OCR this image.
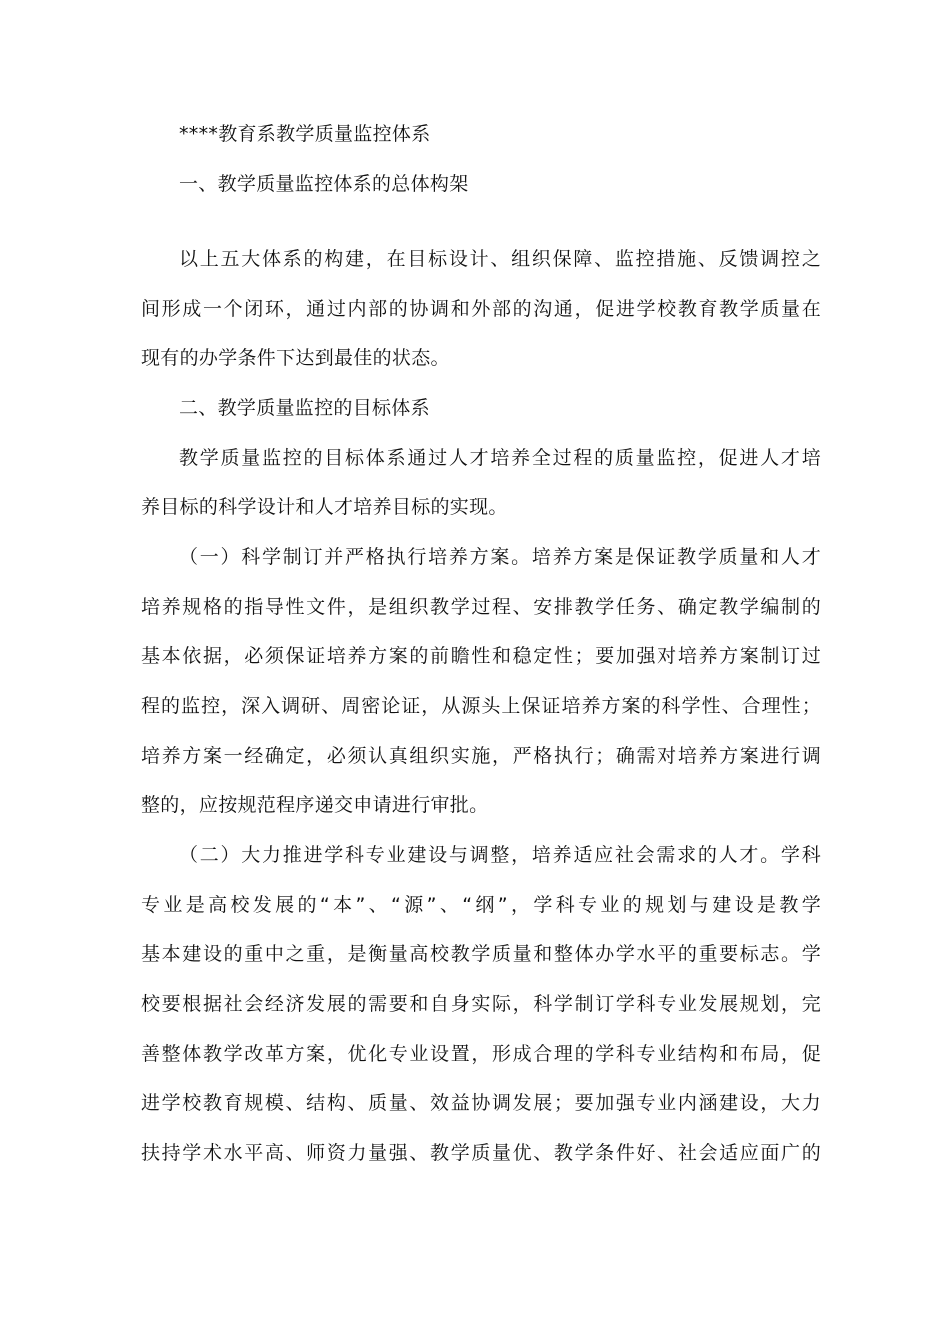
****教育系教学质量监控体系
一、教学质量监控体系的总体构架
以上五大体系的构建，在目标设计、组织保障、监控措施、反馈调控之
间形成一个闭环，通过内部的协调和外部的沟通，促进学校教育教学质量在
现有的办学条件下达到最佳的状态。
二、教学质量监控的目标体系
教学质量监控的目标体系通过人才培养全过程的质量监控，促进人才培
养目标的科学设计和人才培养目标的实现。
（一）科学制订并严格执行培养方案。培养方案是保证教学质量和人才
培养规格的指导性文件，是组织教学过程、安排教学任务、确定教学编制的
基本依据，必须保证培养方案的前瞻性和稳定性；要加强对培养方案制订过
程的监控，深入调研、周密论证，从源头上保证培养方案的科学性、合理性；
培养方案一经确定，必须认真组织实施，严格执行；确需对培养方案进行调
整的，应按规范程序递交申请进行审批。
（二）大力推进学科专业建设与调整，培养适应社会需求的人才。学科
专业是高校发展的“本”、“源”、“纲”，学科专业的规划与建设是教学
基本建设的重中之重，是衡量高校教学质量和整体办学水平的重要标志。学
校要根据社会经济发展的需要和自身实际，科学制订学科专业发展规划，完
善整体教学改革方案，优化专业设置，形成合理的学科专业结构和布局，促
进学校教育规模、结构、质量、效益协调发展；要加强专业内涵建设，大力
扶持学术水平高、师资力量强、教学质量优、教学条件好、社会适应面广的
